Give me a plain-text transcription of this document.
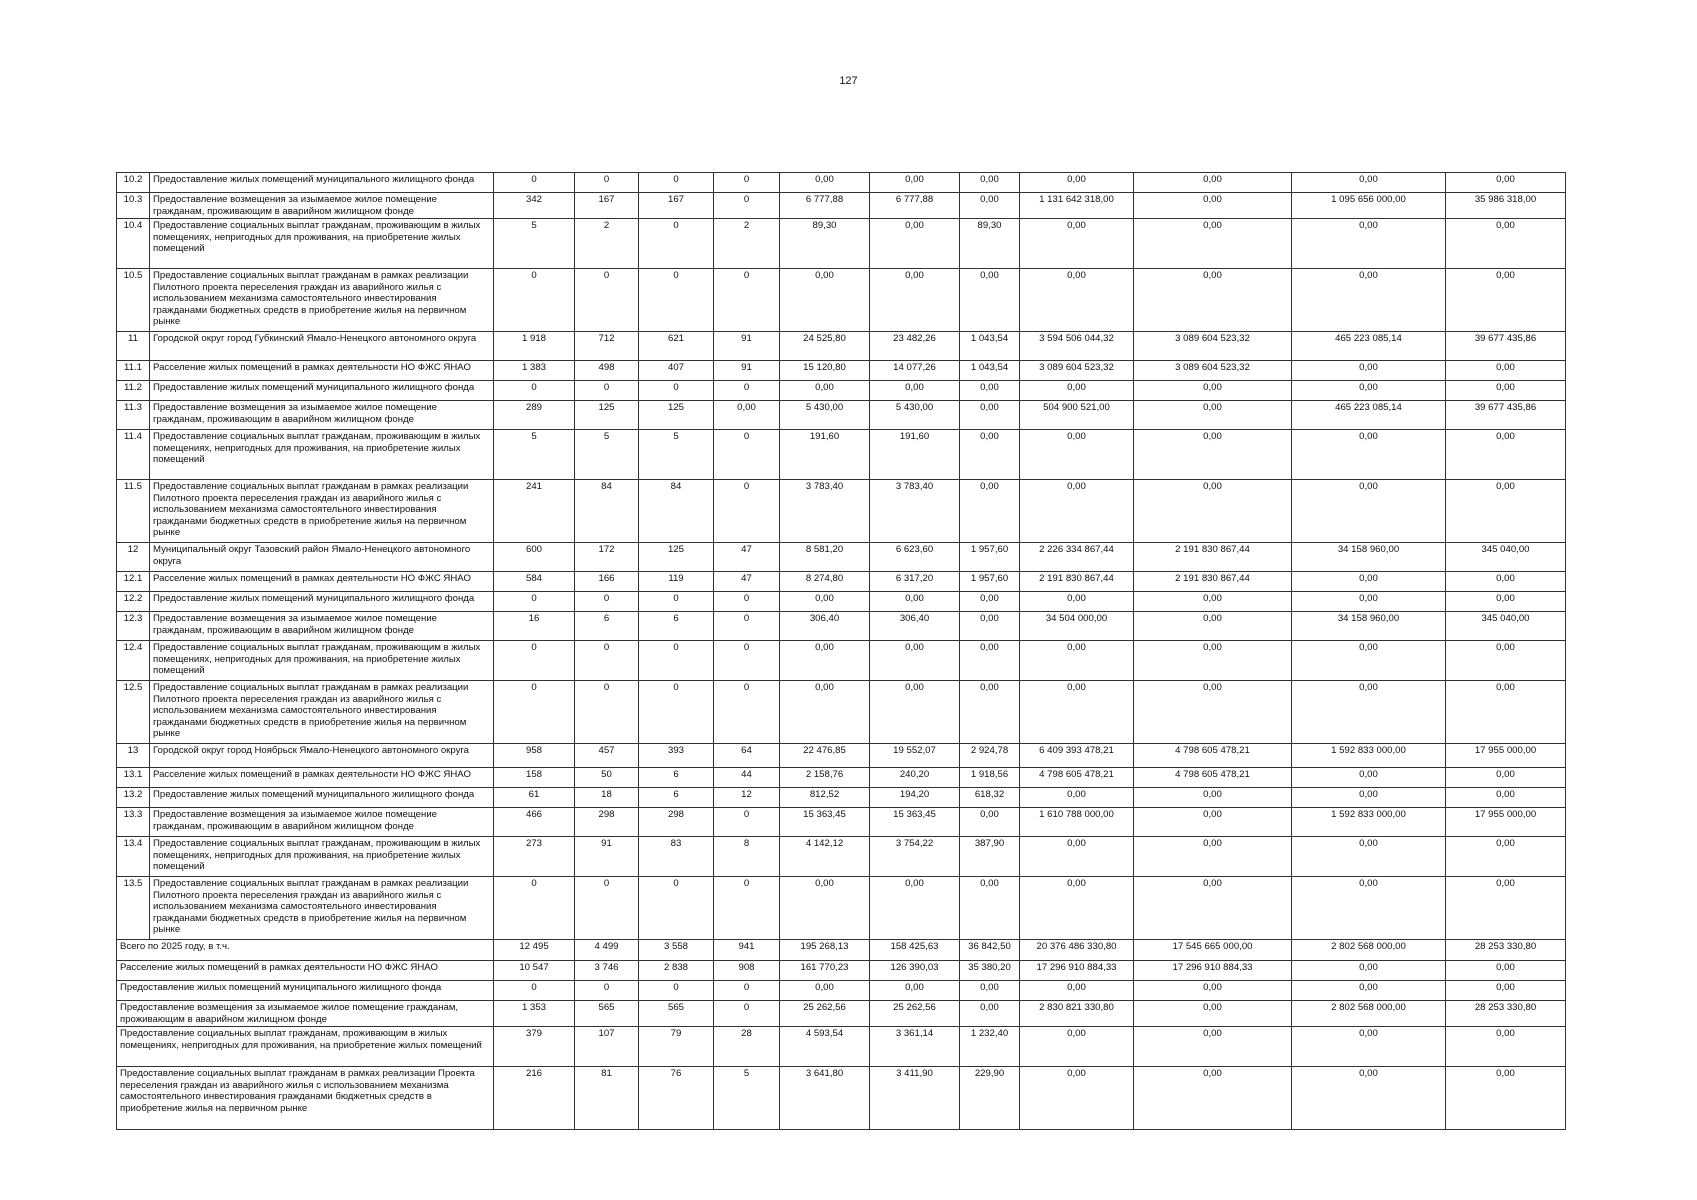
127
10.2	Предоставление жилых помещений муниципального жилищного фонда	0	0	0	0	0,00	0,00	0,00	0,00	0,00	0,00	0,00
10.3	Предоставление возмещения за изымаемое жилое помещение гражданам, проживающим в аварийном жилищном фонде	342	167	167	0	6 777,88	6 777,88	0,00	1 131 642 318,00	0,00	1 095 656 000,00	35 986 318,00
10.4	Предоставление социальных выплат гражданам, проживающим в жилых помещениях, непригодных для проживания, на приобретение жилых помещений	5	2	0	2	89,30	0,00	89,30	0,00	0,00	0,00	0,00
10.5	Предоставление социальных выплат гражданам в рамках реализации Пилотного проекта переселения граждан из аварийного жилья с использованием механизма самостоятельного инвестирования гражданами бюджетных средств в приобретение жилья на первичном рынке	0	0	0	0	0,00	0,00	0,00	0,00	0,00	0,00	0,00
11	Городской округ город Губкинский Ямало-Ненецкого автономного округа	1 918	712	621	91	24 525,80	23 482,26	1 043,54	3 594 506 044,32	3 089 604 523,32	465 223 085,14	39 677 435,86
11.1	Расселение жилых помещений в рамках деятельности НО ФЖС ЯНАО	1 383	498	407	91	15 120,80	14 077,26	1 043,54	3 089 604 523,32	3 089 604 523,32	0,00	0,00
11.2	Предоставление жилых помещений муниципального жилищного фонда	0	0	0	0	0,00	0,00	0,00	0,00	0,00	0,00	0,00
11.3	Предоставление возмещения за изымаемое жилое помещение гражданам, проживающим в аварийном жилищном фонде	289	125	125	0,00	5 430,00	5 430,00	0,00	504 900 521,00	0,00	465 223 085,14	39 677 435,86
11.4	Предоставление социальных выплат гражданам, проживающим в жилых помещениях, непригодных для проживания, на приобретение жилых помещений	5	5	5	0	191,60	191,60	0,00	0,00	0,00	0,00	0,00
11.5	Предоставление социальных выплат гражданам в рамках реализации Пилотного проекта переселения граждан из аварийного жилья с использованием механизма самостоятельного инвестирования гражданами бюджетных средств в приобретение жилья на первичном рынке	241	84	84	0	3 783,40	3 783,40	0,00	0,00	0,00	0,00	0,00
12	Муниципальный округ Тазовский район Ямало-Ненецкого автономного округа	600	172	125	47	8 581,20	6 623,60	1 957,60	2 226 334 867,44	2 191 830 867,44	34 158 960,00	345 040,00
12.1	Расселение жилых помещений в рамках деятельности НО ФЖС ЯНАО	584	166	119	47	8 274,80	6 317,20	1 957,60	2 191 830 867,44	2 191 830 867,44	0,00	0,00
12.2	Предоставление жилых помещений муниципального жилищного фонда	0	0	0	0	0,00	0,00	0,00	0,00	0,00	0,00	0,00
12.3	Предоставление возмещения за изымаемое жилое помещение гражданам, проживающим в аварийном жилищном фонде	16	6	6	0	306,40	306,40	0,00	34 504 000,00	0,00	34 158 960,00	345 040,00
12.4	Предоставление социальных выплат гражданам, проживающим в жилых помещениях, непригодных для проживания, на приобретение жилых помещений	0	0	0	0	0,00	0,00	0,00	0,00	0,00	0,00	0,00
12.5	Предоставление социальных выплат гражданам в рамках реализации Пилотного проекта переселения граждан из аварийного жилья с использованием механизма самостоятельного инвестирования гражданами бюджетных средств в приобретение жилья на первичном рынке	0	0	0	0	0,00	0,00	0,00	0,00	0,00	0,00	0,00
13	Городской округ город Ноябрьск Ямало-Ненецкого автономного округа	958	457	393	64	22 476,85	19 552,07	2 924,78	6 409 393 478,21	4 798 605 478,21	1 592 833 000,00	17 955 000,00
13.1	Расселение жилых помещений в рамках деятельности НО ФЖС ЯНАО	158	50	6	44	2 158,76	240,20	1 918,56	4 798 605 478,21	4 798 605 478,21	0,00	0,00
13.2	Предоставление жилых помещений муниципального жилищного фонда	61	18	6	12	812,52	194,20	618,32	0,00	0,00	0,00	0,00
13.3	Предоставление возмещения за изымаемое жилое помещение гражданам, проживающим в аварийном жилищном фонде	466	298	298	0	15 363,45	15 363,45	0,00	1 610 788 000,00	0,00	1 592 833 000,00	17 955 000,00
13.4	Предоставление социальных выплат гражданам, проживающим в жилых помещениях, непригодных для проживания, на приобретение жилых помещений	273	91	83	8	4 142,12	3 754,22	387,90	0,00	0,00	0,00	0,00
13.5	Предоставление социальных выплат гражданам в рамках реализации Пилотного проекта переселения граждан из аварийного жилья с использованием механизма самостоятельного инвестирования гражданами бюджетных средств в приобретение жилья на первичном рынке	0	0	0	0	0,00	0,00	0,00	0,00	0,00	0,00	0,00
Всего по 2025 году, в т.ч.		12 495	4 499	3 558	941	195 268,13	158 425,63	36 842,50	20 376 486 330,80	17 545 665 000,00	2 802 568 000,00	28 253 330,80
Расселение жилых помещений в рамках деятельности НО ФЖС ЯНАО		10 547	3 746	2 838	908	161 770,23	126 390,03	35 380,20	17 296 910 884,33	17 296 910 884,33	0,00	0,00
Предоставление жилых помещений муниципального жилищного фонда		0	0	0	0	0,00	0,00	0,00	0,00	0,00	0,00	0,00
Предоставление возмещения за изымаемое жилое помещение гражданам, проживающим в аварийном жилищном фонде		1 353	565	565	0	25 262,56	25 262,56	0,00	2 830 821 330,80	0,00	2 802 568 000,00	28 253 330,80
Предоставление социальных выплат гражданам, проживающим в жилых помещениях, непригодных для проживания, на приобретение жилых помещений		379	107	79	28	4 593,54	3 361,14	1 232,40	0,00	0,00	0,00	0,00
Предоставление социальных выплат гражданам в рамках реализации Проекта переселения граждан из аварийного жилья с использованием механизма самостоятельного инвестирования гражданами бюджетных средств в приобретение жилья на первичном рынке		216	81	76	5	3 641,80	3 411,90	229,90	0,00	0,00	0,00	0,00
